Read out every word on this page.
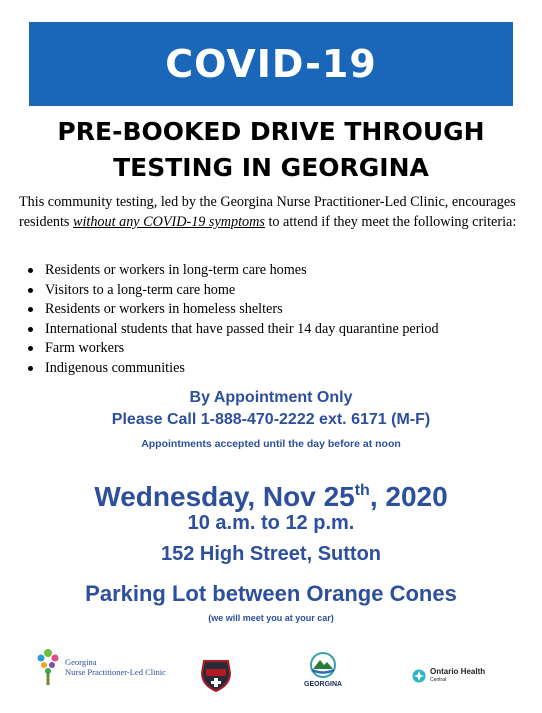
COVID-19
PRE-BOOKED DRIVE THROUGH
TESTING IN GEORGINA
This community testing, led by the Georgina Nurse Practitioner-Led Clinic, encourages residents without any COVID-19 symptoms to attend if they meet the following criteria:
Residents or workers in long-term care homes
Visitors to a long-term care home
Residents or workers in homeless shelters
International students that have passed their 14 day quarantine period
Farm workers
Indigenous communities
By Appointment Only
Please Call 1-888-470-2222 ext. 6171 (M-F)
Appointments accepted until the day before at noon
Wednesday, Nov 25th, 2020
10 a.m. to 12 p.m.
152 High Street, Sutton
Parking Lot between Orange Cones
(we will meet you at your car)
Georgina
Nurse Practitioner-Led Clinic
GEORGINA
Ontario Health
Central
